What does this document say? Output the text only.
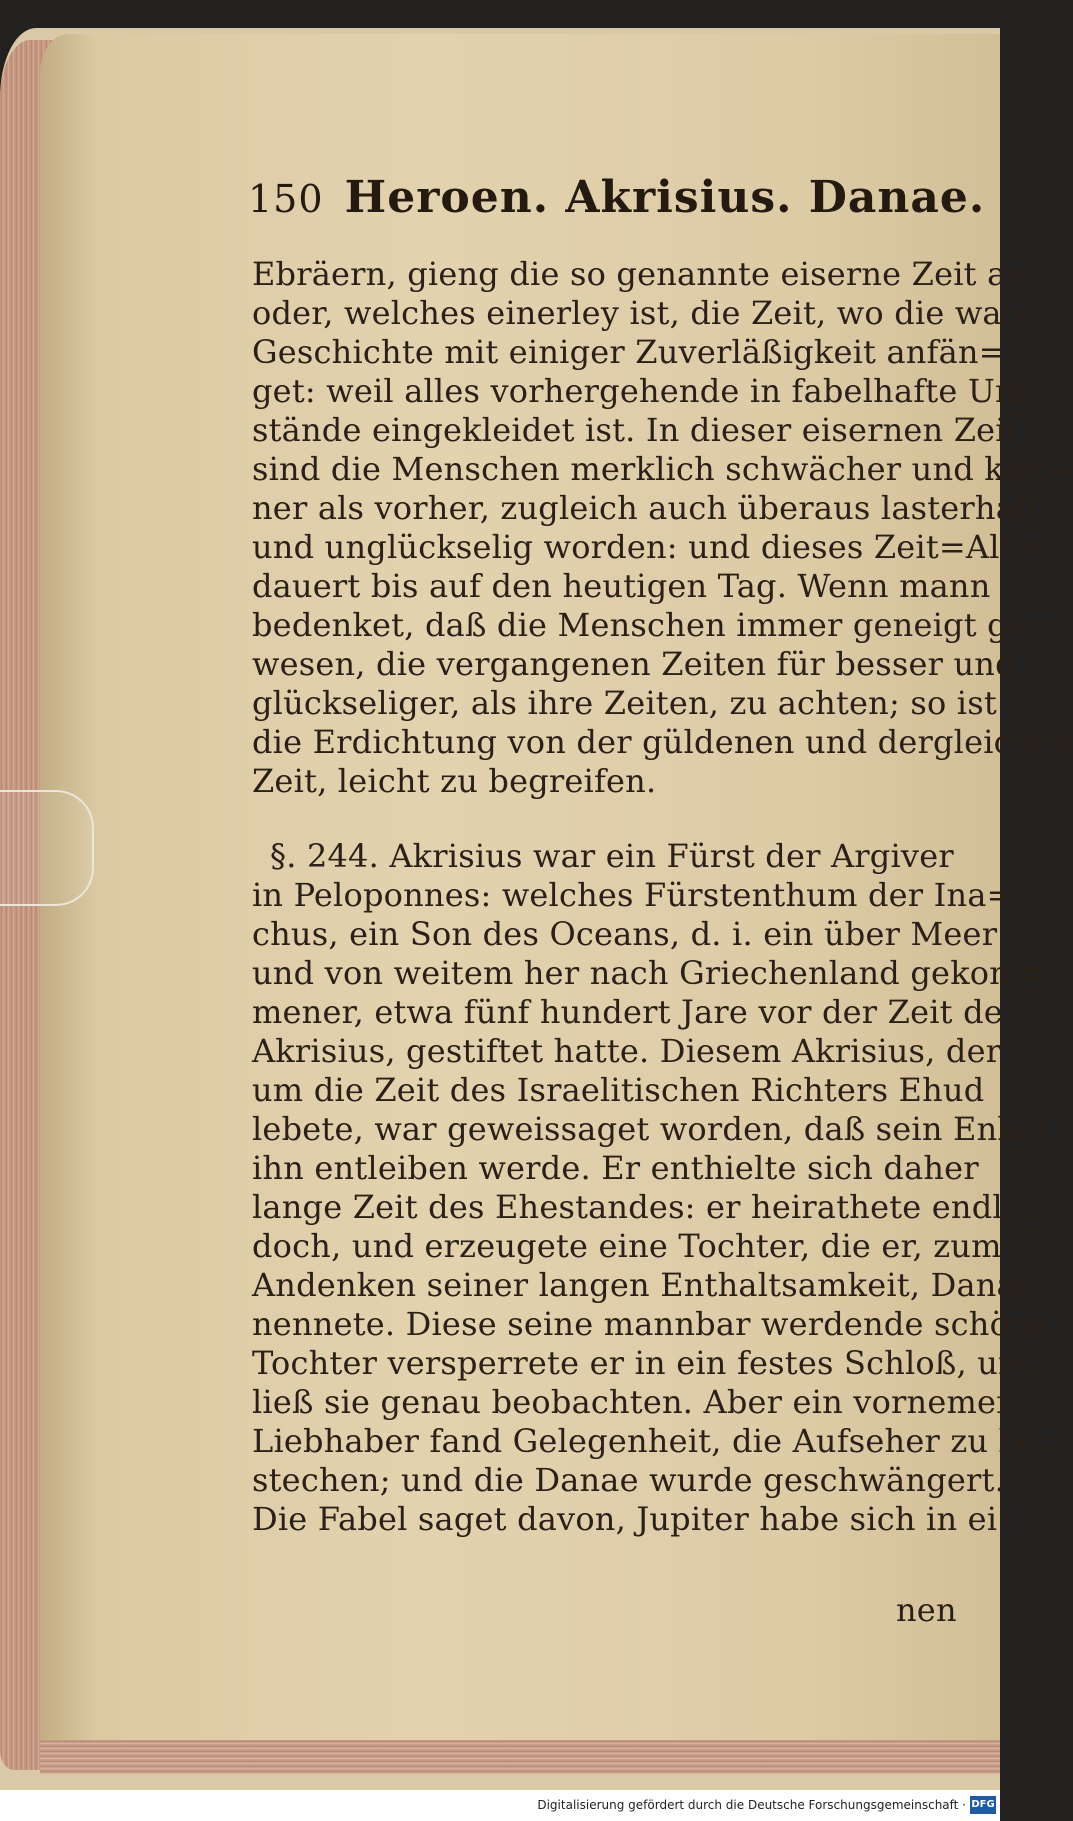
150 Heroen. Akrisius. Danae.
Ebräern, gieng die so genannte eiserne Zeit an,
oder, welches einerley ist, die Zeit, wo die ware
Geschichte mit einiger Zuverläßigkeit anfän=
get: weil alles vorhergehende in fabelhafte Um=
stände eingekleidet ist. In dieser eisernen Zeit
sind die Menschen merklich schwächer und klei=
ner als vorher, zugleich auch überaus lasterhaft
und unglückselig worden: und dieses Zeit=Alter
dauert bis auf den heutigen Tag. Wenn mann
bedenket, daß die Menschen immer geneigt ge=
wesen, die vergangenen Zeiten für besser und
glückseliger, als ihre Zeiten, zu achten; so ist
die Erdichtung von der güldenen und dergleichen
Zeit, leicht zu begreifen.
§. 244. Akrisius war ein Fürst der Argiver
in Peloponnes: welches Fürstenthum der Ina=
chus, ein Son des Oceans, d. i. ein über Meer
und von weitem her nach Griechenland gekom=
mener, etwa fünf hundert Jare vor der Zeit des
Akrisius, gestiftet hatte. Diesem Akrisius, der
um die Zeit des Israelitischen Richters Ehud
lebete, war geweissaget worden, daß sein Enkel
ihn entleiben werde. Er enthielte sich daher
lange Zeit des Ehestandes: er heirathete endlich
doch, und erzeugete eine Tochter, die er, zum
Andenken seiner langen Enthaltsamkeit, Danae
nennete. Diese seine mannbar werdende schöne
Tochter versperrete er in ein festes Schloß, und
ließ sie genau beobachten. Aber ein vornemer
Liebhaber fand Gelegenheit, die Aufseher zu be=
stechen; und die Danae wurde geschwängert.
Die Fabel saget davon, Jupiter habe sich in ei=
nen
Digitalisierung gefördert durch die Deutsche Forschungsgemeinschaft · DFG
